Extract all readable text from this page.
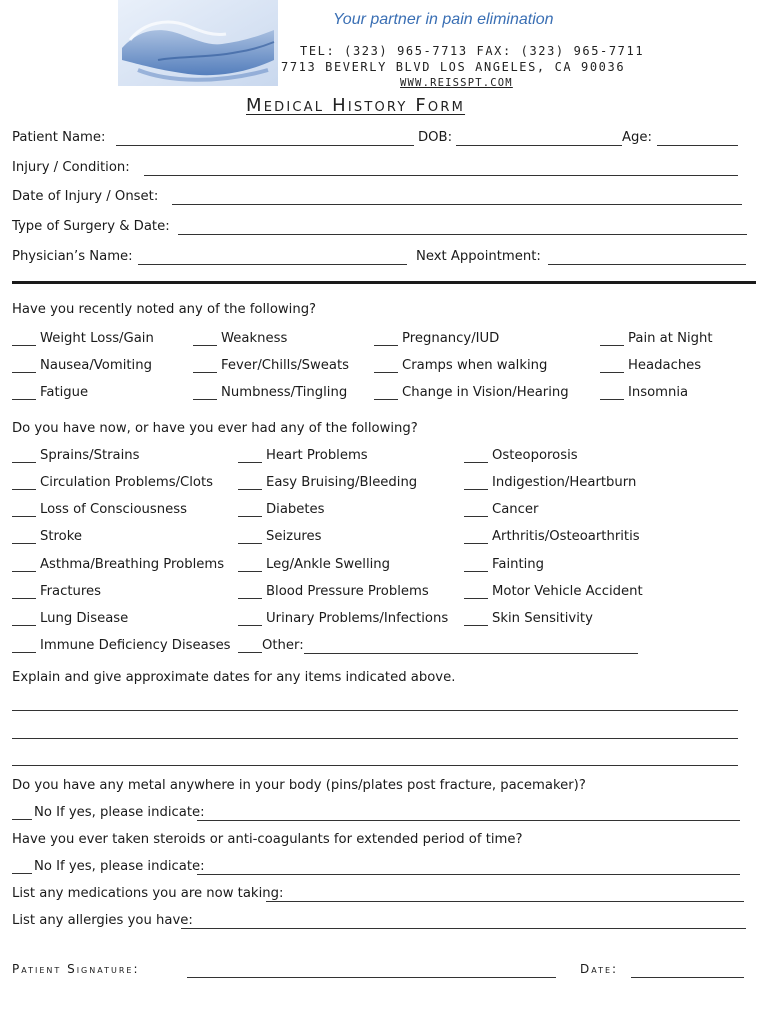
Your partner in pain elimination
TEL: (323) 965-7713 FAX: (323) 965-7711
7713 BEVERLY BLVD LOS ANGELES, CA 90036
WWW.REISSPT.COM
Medical History Form
Patient Name:	DOB:	Age:
Injury / Condition:
Date of Injury / Onset:
Type of Surgery & Date:
Physician’s Name:	Next Appointment:
Have you recently noted any of the following?
Weight Loss/Gain	Weakness	Pregnancy/IUD	Pain at Night
Nausea/Vomiting	Fever/Chills/Sweats	Cramps when walking	Headaches
Fatigue	Numbness/Tingling	Change in Vision/Hearing	Insomnia
Do you have now, or have you ever had any of the following?
Sprains/Strains	Heart Problems	Osteoporosis
Circulation Problems/Clots	Easy Bruising/Bleeding	Indigestion/Heartburn
Loss of Consciousness	Diabetes	Cancer
Stroke	Seizures	Arthritis/Osteoarthritis
Asthma/Breathing Problems	Leg/Ankle Swelling	Fainting
Fractures	Blood Pressure Problems	Motor Vehicle Accident
Lung Disease	Urinary Problems/Infections	Skin Sensitivity
Immune Deficiency Diseases	Other:
Explain and give approximate dates for any items indicated above.
Do you have any metal anywhere in your body (pins/plates post fracture, pacemaker)?
No If yes, please indicate:
Have you ever taken steroids or anti-coagulants for extended period of time?
No If yes, please indicate:
List any medications you are now taking:
List any allergies you have:
Patient Signature:	Date:
